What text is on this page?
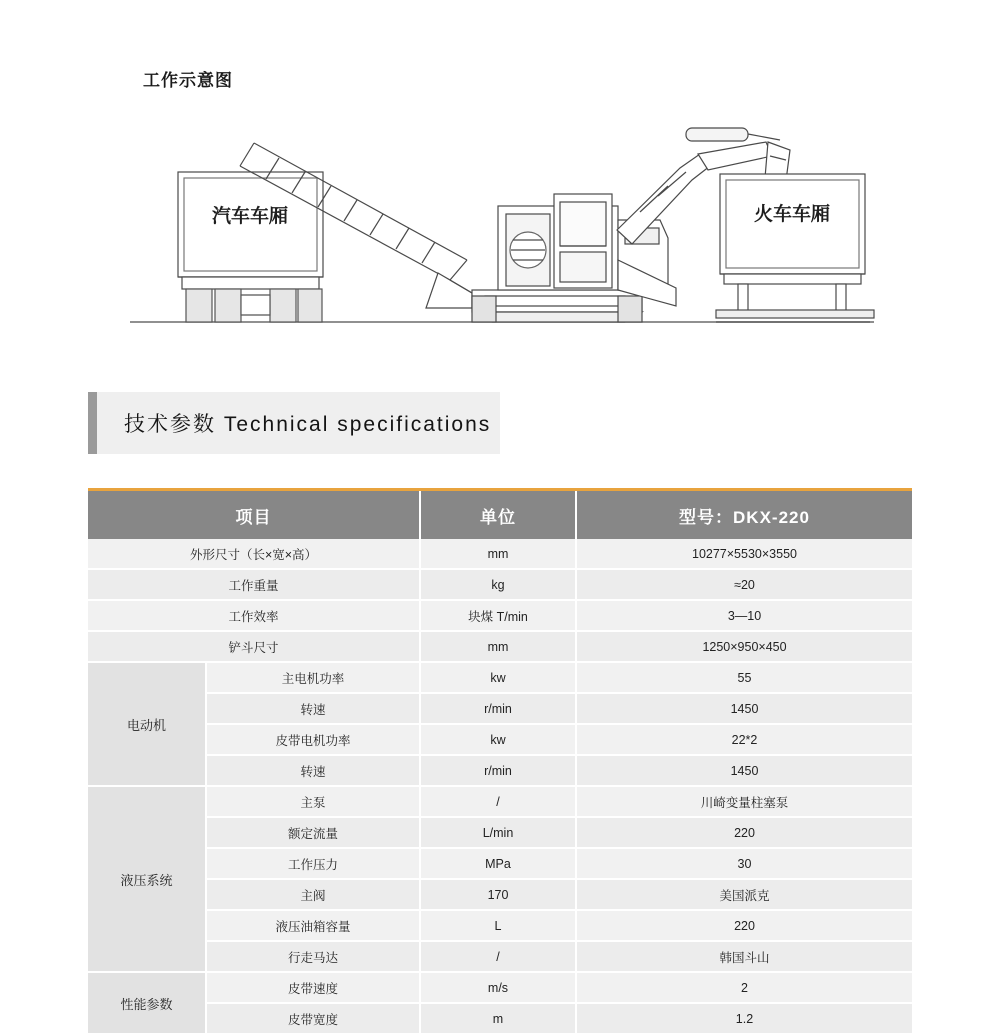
工作示意图
汽车车厢	火车车厢
技术参数 Technical specifications
项目		单位	型号：DKX-220
外形尺寸（长×宽×高）		mm	10277×5530×3550
工作重量		kg	≈20
工作效率		块煤 T/min	3—10
铲斗尺寸		mm	1250×950×450
电动机	主电机功率	kw	55
	转速	r/min	1450
	皮带电机功率	kw	22*2
	转速	r/min	1450
液压系统	主泵	/	川崎变量柱塞泵
	额定流量	L/min	220
	工作压力	MPa	30
	主阀	170	美国派克
	液压油箱容量	L	220
	行走马达	/	韩国斗山
性能参数	皮带速度	m/s	2
	皮带宽度	m	1.2
